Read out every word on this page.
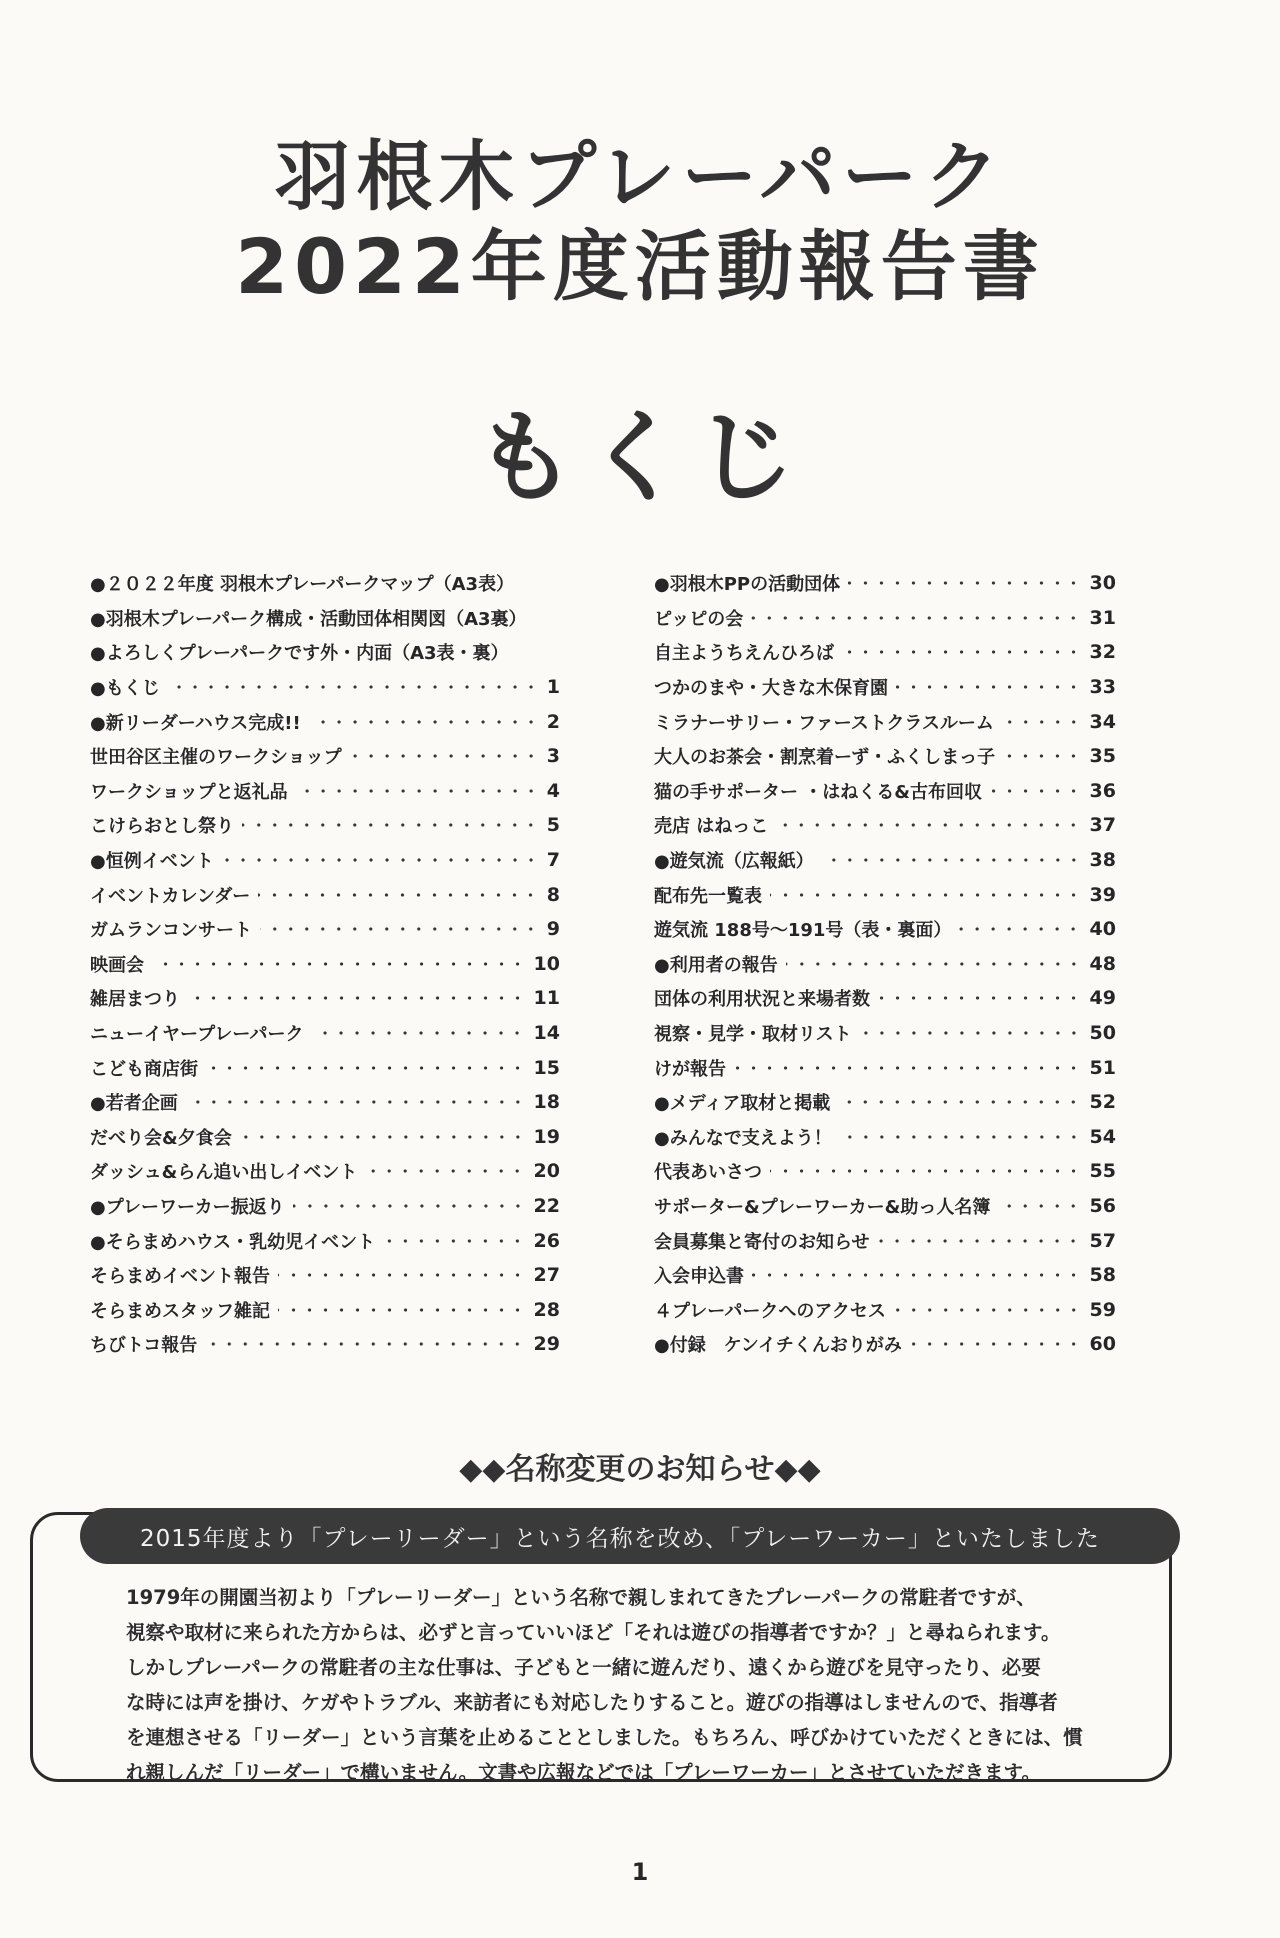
羽根木プレーパーク
2022年度活動報告書
もくじ
●２０２２年度 羽根木プレーパークマップ（A3表）
●羽根木プレーパーク構成・活動団体相関図（A3裏）
●よろしくプレーパークです外・内面（A3表・裏）
●もくじ	1
●新リーダーハウス完成!!	2
世田谷区主催のワークショップ	3
ワークショップと返礼品	4
こけらおとし祭り	5
●恒例イベント	7
イベントカレンダー	8
ガムランコンサート	9
映画会	10
雑居まつり	11
ニューイヤープレーパーク	14
こども商店街	15
●若者企画	18
だべり会&夕食会	19
ダッシュ&らん追い出しイベント	20
●プレーワーカー振返り	22
●そらまめハウス・乳幼児イベント	26
そらまめイベント報告	27
そらまめスタッフ雑記	28
ちびトコ報告	29
●羽根木PPの活動団体	30
ピッピの会	31
自主ようちえんひろば	32
つかのまや・大きな木保育園	33
ミラナーサリー・ファーストクラスルーム	34
大人のお茶会・割烹着ーず・ふくしまっ子	35
猫の手サポーター ・はねくる&古布回収	36
売店 はねっこ	37
●遊気流（広報紙）	38
配布先一覧表	39
遊気流 188号〜191号（表・裏面）	40
●利用者の報告	48
団体の利用状況と来場者数	49
視察・見学・取材リスト	50
けが報告	51
●メディア取材と掲載	52
●みんなで支えよう！	54
代表あいさつ	55
サポーター&プレーワーカー&助っ人名簿	56
会員募集と寄付のお知らせ	57
入会申込書	58
４プレーパークへのアクセス	59
●付録　ケンイチくんおりがみ	60
◆◆名称変更のお知らせ◆◆
2015年度より「プレーリーダー」という名称を改め、「プレーワーカー」といたしました

1979年の開園当初より「プレーリーダー」という名称で親しまれてきたプレーパークの常駐者ですが、

視察や取材に来られた方からは、必ずと言っていいほど「それは遊びの指導者ですか？」と尋ねられます。

しかしプレーパークの常駐者の主な仕事は、子どもと一緒に遊んだり、遠くから遊びを見守ったり、必要

な時には声を掛け、ケガやトラブル、来訪者にも対応したりすること。遊びの指導はしませんので、指導者

を連想させる「リーダー」という言葉を止めることとしました。もちろん、呼びかけていただくときには、慣

れ親しんだ「リーダー」で構いません。文書や広報などでは「プレーワーカー」とさせていただきます。

1
